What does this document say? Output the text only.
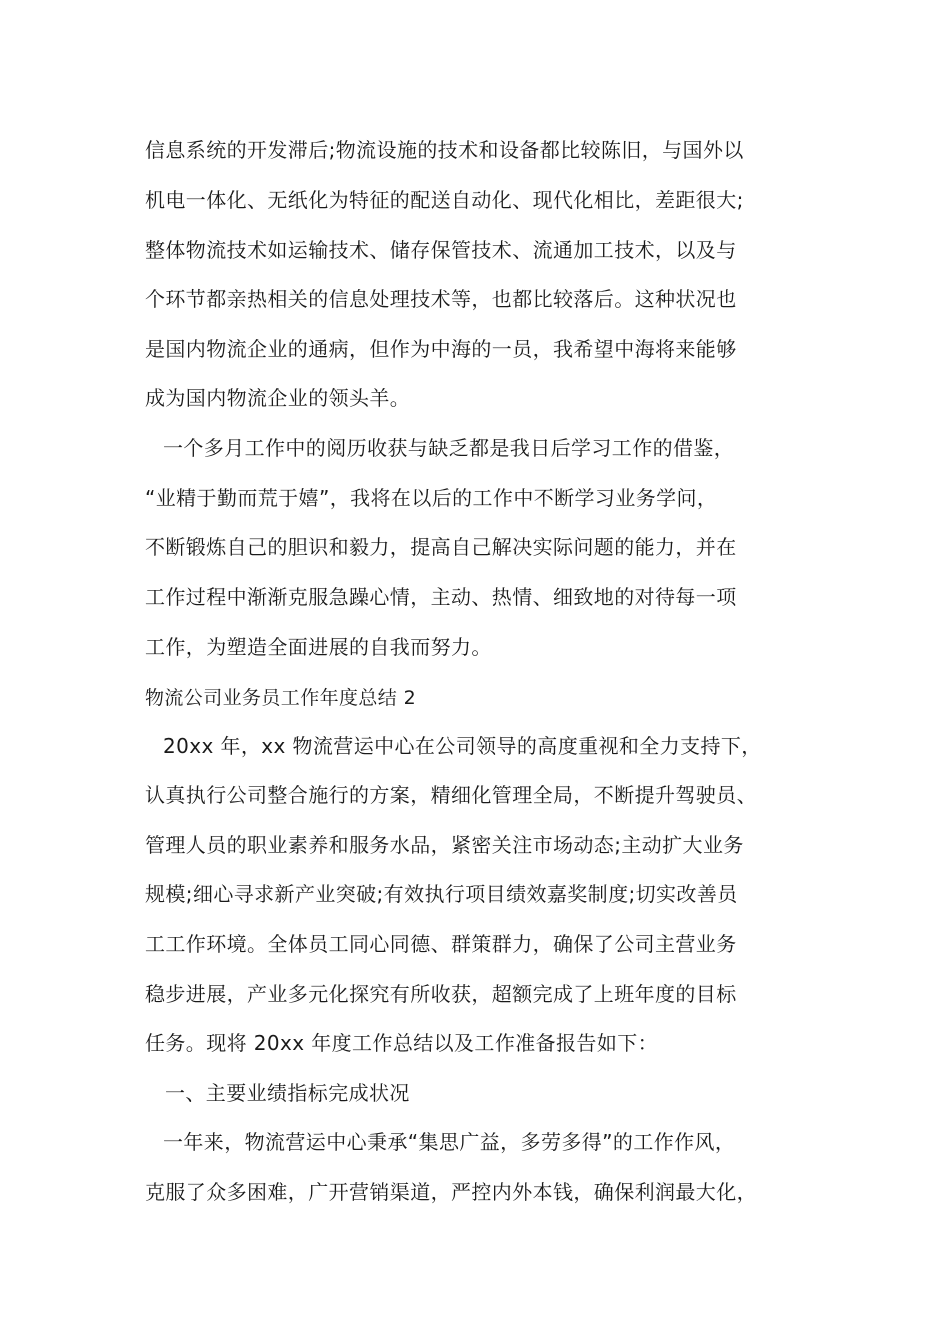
信息系统的开发滞后;物流设施的技术和设备都比较陈旧，与国外以
机电一体化、无纸化为特征的配送自动化、现代化相比，差距很大;
整体物流技术如运输技术、储存保管技术、流通加工技术，以及与
个环节都亲热相关的信息处理技术等，也都比较落后。这种状况也
是国内物流企业的通病，但作为中海的一员，我希望中海将来能够
成为国内物流企业的领头羊。
一个多月工作中的阅历收获与缺乏都是我日后学习工作的借鉴，
“业精于勤而荒于嬉”，我将在以后的工作中不断学习业务学问，
不断锻炼自己的胆识和毅力，提高自己解决实际问题的能力，并在
工作过程中渐渐克服急躁心情，主动、热情、细致地的对待每一项
工作，为塑造全面进展的自我而努力。
物流公司业务员工作年度总结 2
20xx 年，xx 物流营运中心在公司领导的高度重视和全力支持下，
认真执行公司整合施行的方案，精细化管理全局，不断提升驾驶员、
管理人员的职业素养和服务水品，紧密关注市场动态;主动扩大业务
规模;细心寻求新产业突破;有效执行项目绩效嘉奖制度;切实改善员
工工作环境。全体员工同心同德、群策群力，确保了公司主营业务
稳步进展，产业多元化探究有所收获，超额完成了上班年度的目标
任务。现将 20xx 年度工作总结以及工作准备报告如下：
一、主要业绩指标完成状况
一年来，物流营运中心秉承“集思广益，多劳多得”的工作作风，
克服了众多困难，广开营销渠道，严控内外本钱，确保利润最大化，
